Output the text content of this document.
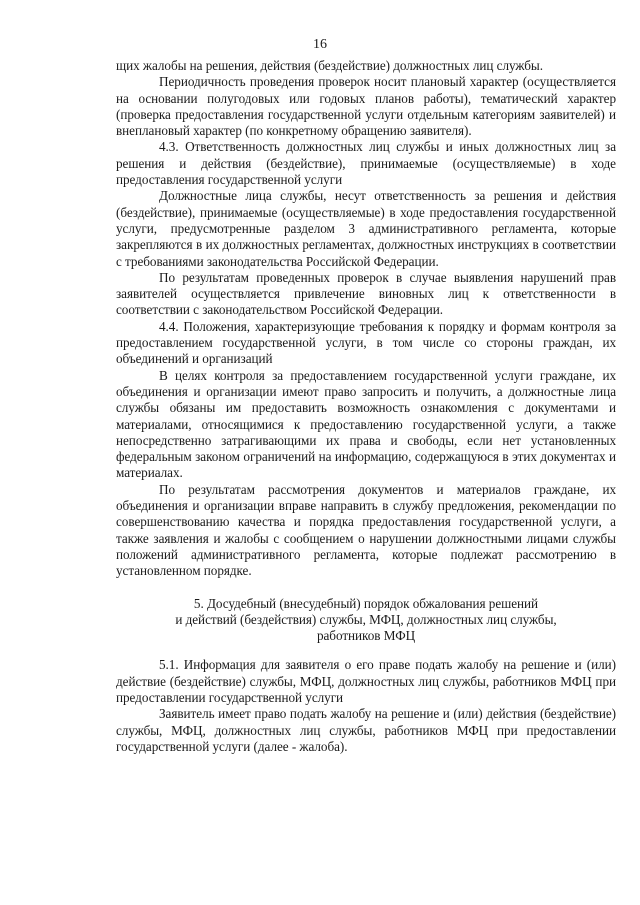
16

щих жалобы на решения, действия (бездействие) должностных лиц службы.

Периодичность проведения проверок носит плановый характер (осуществляется на основании полугодовых или годовых планов работы), тематический характер (проверка предоставления государственной услуги отдельным категориям заявителей) и внеплановый характер (по конкретному обращению заявителя).

4.3. Ответственность должностных лиц службы и иных должностных лиц за решения и действия (бездействие), принимаемые (осуществляемые) в ходе предоставления государственной услуги

Должностные лица службы, несут ответственность за решения и действия (бездействие), принимаемые (осуществляемые) в ходе предоставления государственной услуги, предусмотренные разделом 3 административного регламента, которые закрепляются в их должностных регламентах, должностных инструкциях в соответствии с требованиями законодательства Российской Федерации.

По результатам проведенных проверок в случае выявления нарушений прав заявителей осуществляется привлечение виновных лиц к ответственности в соответствии с законодательством Российской Федерации.

4.4. Положения, характеризующие требования к порядку и формам контроля за предоставлением государственной услуги, в том числе со стороны граждан, их объединений и организаций

В целях контроля за предоставлением государственной услуги граждане, их объединения и организации имеют право запросить и получить, а должностные лица службы обязаны им предоставить возможность ознакомления с документами и материалами, относящимися к предоставлению государственной услуги, а также непосредственно затрагивающими их права и свободы, если нет установленных федеральным законом ограничений на информацию, содержащуюся в этих документах и материалах.

По результатам рассмотрения документов и материалов граждане, их объединения и организации вправе направить в службу предложения, рекомендации по совершенствованию качества и порядка предоставления государственной услуги, а также заявления и жалобы с сообщением о нарушении должностными лицами службы положений административного регламента, которые подлежат рассмотрению в установленном порядке.

5. Досудебный (внесудебный) порядок обжалования решений
и действий (бездействия) службы, МФЦ, должностных лиц службы,
работников МФЦ

5.1. Информация для заявителя о его праве подать жалобу на решение и (или) действие (бездействие) службы, МФЦ, должностных лиц службы, работников МФЦ при предоставлении государственной услуги

Заявитель имеет право подать жалобу на решение и (или) действия (бездействие) службы, МФЦ, должностных лиц службы, работников МФЦ при предоставлении государственной услуги (далее - жалоба).
